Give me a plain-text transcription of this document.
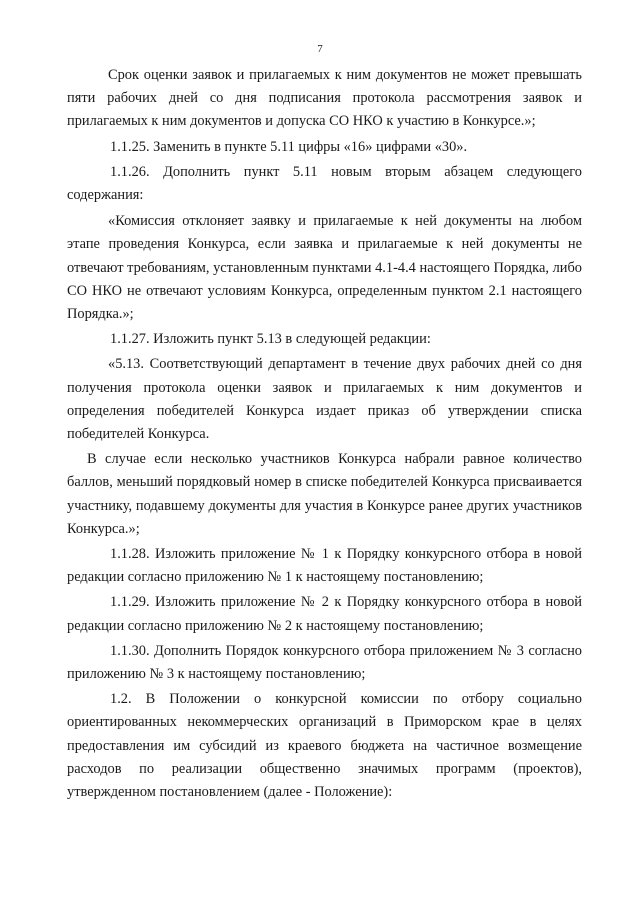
7

Срок оценки заявок и прилагаемых к ним документов не может превышать пяти рабочих дней со дня подписания протокола рассмотрения заявок и прилагаемых к ним документов и допуска СО НКО к участию в Конкурсе.»;

1.1.25. Заменить в пункте 5.11 цифры «16» цифрами «30».

1.1.26. Дополнить пункт 5.11 новым вторым абзацем следующего содержания:

«Комиссия отклоняет заявку и прилагаемые к ней документы на любом этапе проведения Конкурса, если заявка и прилагаемые к ней документы не отвечают требованиям, установленным пунктами 4.1-4.4 настоящего Порядка, либо СО НКО не отвечают условиям Конкурса, определенным пунктом 2.1 настоящего Порядка.»;

1.1.27. Изложить пункт 5.13 в следующей редакции:

«5.13. Соответствующий департамент в течение двух рабочих дней со дня получения протокола оценки заявок и прилагаемых к ним документов и определения победителей Конкурса издает приказ об утверждении списка победителей Конкурса.

В случае если несколько участников Конкурса набрали равное количество баллов, меньший порядковый номер в списке победителей Конкурса присваивается участнику, подавшему документы для участия в Конкурсе ранее других участников Конкурса.»;

1.1.28. Изложить приложение № 1 к Порядку конкурсного отбора в новой редакции согласно приложению № 1 к настоящему постановлению;

1.1.29. Изложить приложение № 2 к Порядку конкурсного отбора в новой редакции согласно приложению № 2 к настоящему постановлению;

1.1.30. Дополнить Порядок конкурсного отбора приложением № 3 согласно приложению № 3 к настоящему постановлению;

1.2. В Положении о конкурсной комиссии по отбору социально ориентированных некоммерческих организаций в Приморском крае в целях предоставления им субсидий из краевого бюджета на частичное возмещение расходов по реализации общественно значимых программ (проектов), утвержденном постановлением (далее - Положение):
